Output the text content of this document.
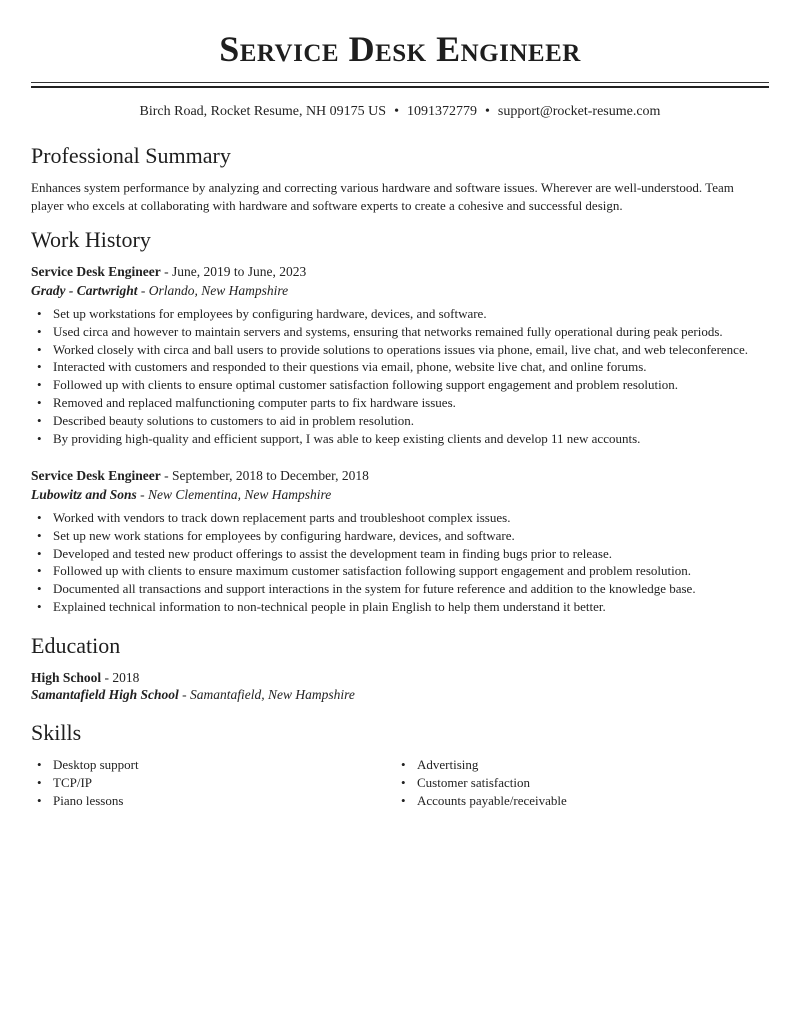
Service Desk Engineer
Birch Road, Rocket Resume, NH 09175 US • 1091372779 • support@rocket-resume.com
Professional Summary
Enhances system performance by analyzing and correcting various hardware and software issues. Wherever are well-understood. Team player who excels at collaborating with hardware and software experts to create a cohesive and successful design.
Work History
Service Desk Engineer - June, 2019 to June, 2023
Grady - Cartwright - Orlando, New Hampshire
• Set up workstations for employees by configuring hardware, devices, and software.
• Used circa and however to maintain servers and systems, ensuring that networks remained fully operational during peak periods.
• Worked closely with circa and ball users to provide solutions to operations issues via phone, email, live chat, and web teleconference.
• Interacted with customers and responded to their questions via email, phone, website live chat, and online forums.
• Followed up with clients to ensure optimal customer satisfaction following support engagement and problem resolution.
• Removed and replaced malfunctioning computer parts to fix hardware issues.
• Described beauty solutions to customers to aid in problem resolution.
• By providing high-quality and efficient support, I was able to keep existing clients and develop 11 new accounts.
Service Desk Engineer - September, 2018 to December, 2018
Lubowitz and Sons - New Clementina, New Hampshire
• Worked with vendors to track down replacement parts and troubleshoot complex issues.
• Set up new work stations for employees by configuring hardware, devices, and software.
• Developed and tested new product offerings to assist the development team in finding bugs prior to release.
• Followed up with clients to ensure maximum customer satisfaction following support engagement and problem resolution.
• Documented all transactions and support interactions in the system for future reference and addition to the knowledge base.
• Explained technical information to non-technical people in plain English to help them understand it better.
Education
High School - 2018
Samantafield High School - Samantafield, New Hampshire
Skills
• Desktop support
• TCP/IP
• Piano lessons
• Advertising
• Customer satisfaction
• Accounts payable/receivable
